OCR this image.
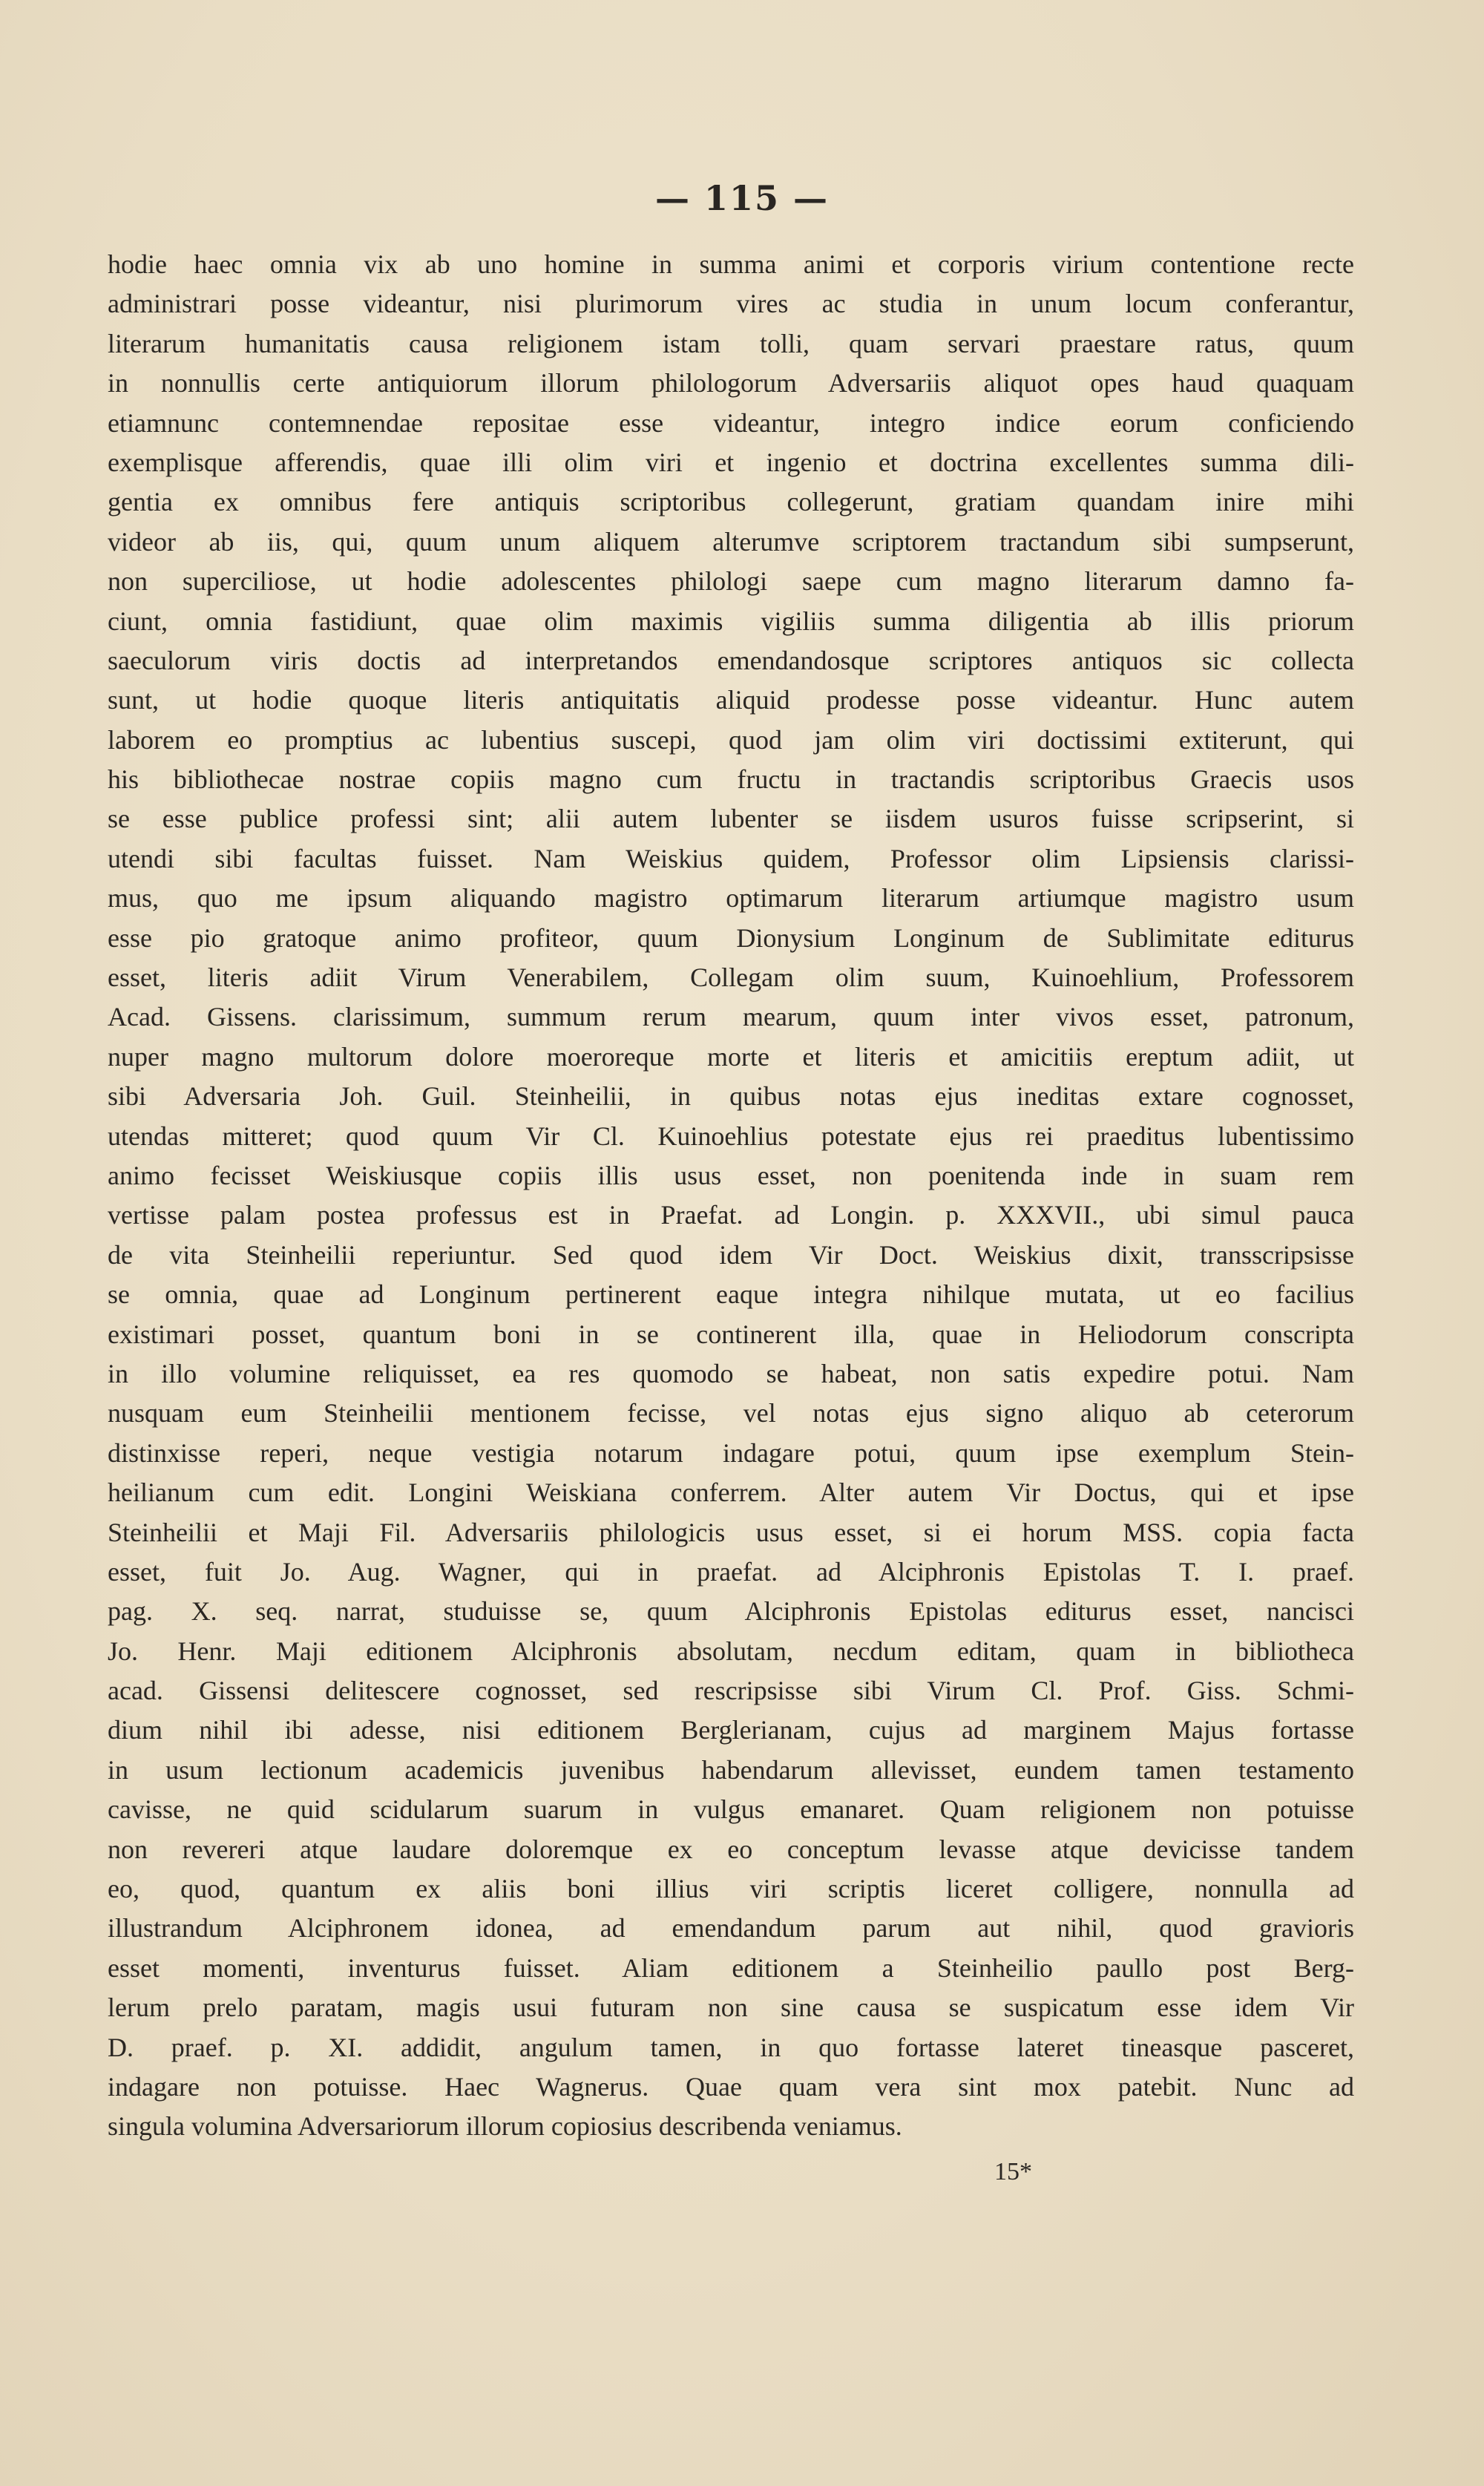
— 115 —
hodie haec omnia vix ab uno homine in summa animi et corporis virium contentione recte
administrari posse videantur, nisi plurimorum vires ac studia in unum locum conferantur,
literarum humanitatis causa religionem istam tolli, quam servari praestare ratus, quum
in nonnullis certe antiquiorum illorum philologorum Adversariis aliquot opes haud quaquam
etiamnunc contemnendae repositae esse videantur, integro indice eorum conficiendo
exemplisque afferendis, quae illi olim viri et ingenio et doctrina excellentes summa dili-
gentia ex omnibus fere antiquis scriptoribus collegerunt, gratiam quandam inire mihi
videor ab iis, qui, quum unum aliquem alterumve scriptorem tractandum sibi sumpserunt,
non superciliose, ut hodie adolescentes philologi saepe cum magno literarum damno fa-
ciunt, omnia fastidiunt, quae olim maximis vigiliis summa diligentia ab illis priorum
saeculorum viris doctis ad interpretandos emendandosque scriptores antiquos sic collecta
sunt, ut hodie quoque literis antiquitatis aliquid prodesse posse videantur. Hunc autem
laborem eo promptius ac lubentius suscepi, quod jam olim viri doctissimi extiterunt, qui
his bibliothecae nostrae copiis magno cum fructu in tractandis scriptoribus Graecis usos
se esse publice professi sint; alii autem lubenter se iisdem usuros fuisse scripserint, si
utendi sibi facultas fuisset. Nam Weiskius quidem, Professor olim Lipsiensis clarissi-
mus, quo me ipsum aliquando magistro optimarum literarum artiumque magistro usum
esse pio gratoque animo profiteor, quum Dionysium Longinum de Sublimitate editurus
esset, literis adiit Virum Venerabilem, Collegam olim suum, Kuinoehlium, Professorem
Acad. Gissens. clarissimum, summum rerum mearum, quum inter vivos esset, patronum,
nuper magno multorum dolore moeroreque morte et literis et amicitiis ereptum adiit, ut
sibi Adversaria Joh. Guil. Steinheilii, in quibus notas ejus ineditas extare cognosset,
utendas mitteret; quod quum Vir Cl. Kuinoehlius potestate ejus rei praeditus lubentissimo
animo fecisset Weiskiusque copiis illis usus esset, non poenitenda inde in suam rem
vertisse palam postea professus est in Praefat. ad Longin. p. XXXVII., ubi simul pauca
de vita Steinheilii reperiuntur. Sed quod idem Vir Doct. Weiskius dixit, transscripsisse
se omnia, quae ad Longinum pertinerent eaque integra nihilque mutata, ut eo facilius
existimari posset, quantum boni in se continerent illa, quae in Heliodorum conscripta
in illo volumine reliquisset, ea res quomodo se habeat, non satis expedire potui. Nam
nusquam eum Steinheilii mentionem fecisse, vel notas ejus signo aliquo ab ceterorum
distinxisse reperi, neque vestigia notarum indagare potui, quum ipse exemplum Stein-
heilianum cum edit. Longini Weiskiana conferrem. Alter autem Vir Doctus, qui et ipse
Steinheilii et Maji Fil. Adversariis philologicis usus esset, si ei horum MSS. copia facta
esset, fuit Jo. Aug. Wagner, qui in praefat. ad Alciphronis Epistolas T. I. praef.
pag. X. seq. narrat, studuisse se, quum Alciphronis Epistolas editurus esset, nancisci
Jo. Henr. Maji editionem Alciphronis absolutam, necdum editam, quam in bibliotheca
acad. Gissensi delitescere cognosset, sed rescripsisse sibi Virum Cl. Prof. Giss. Schmi-
dium nihil ibi adesse, nisi editionem Berglerianam, cujus ad marginem Majus fortasse
in usum lectionum academicis juvenibus habendarum allevisset, eundem tamen testamento
cavisse, ne quid scidularum suarum in vulgus emanaret. Quam religionem non potuisse
non revereri atque laudare doloremque ex eo conceptum levasse atque devicisse tandem
eo, quod, quantum ex aliis boni illius viri scriptis liceret colligere, nonnulla ad
illustrandum Alciphronem idonea, ad emendandum parum aut nihil, quod gravioris
esset momenti, inventurus fuisset. Aliam editionem a Steinheilio paullo post Berg-
lerum prelo paratam, magis usui futuram non sine causa se suspicatum esse idem Vir
D. praef. p. XI. addidit, angulum tamen, in quo fortasse lateret tineasque pasceret,
indagare non potuisse. Haec Wagnerus. Quae quam vera sint mox patebit. Nunc ad
singula volumina Adversariorum illorum copiosius describenda veniamus.
15*
